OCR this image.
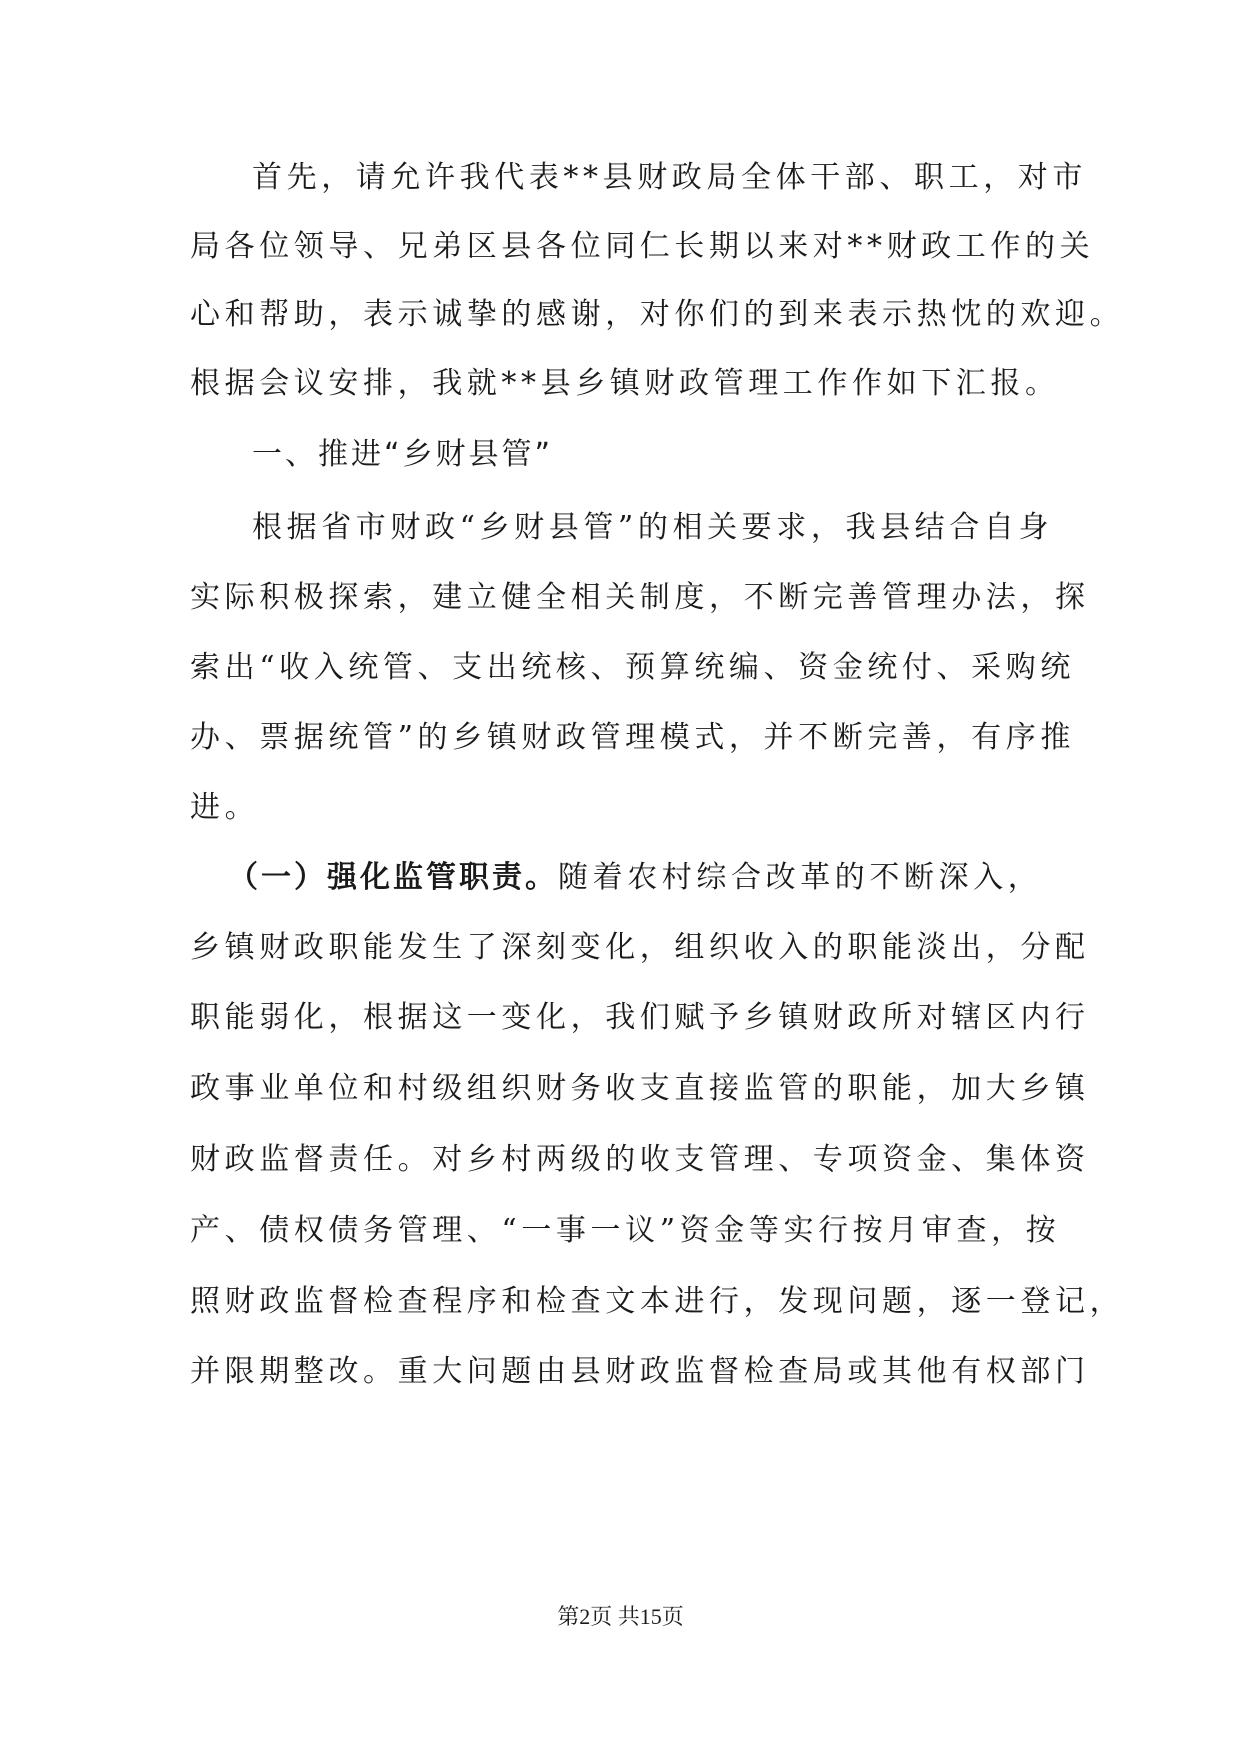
首先，请允许我代表**县财政局全体干部、职工，对市
局各位领导、兄弟区县各位同仁长期以来对**财政工作的关
心和帮助，表示诚挚的感谢，对你们的到来表示热忱的欢迎。
根据会议安排，我就**县乡镇财政管理工作作如下汇报。
一、推进“乡财县管”
根据省市财政“乡财县管”的相关要求，我县结合自身
实际积极探索，建立健全相关制度，不断完善管理办法，探
索出“收入统管、支出统核、预算统编、资金统付、采购统
办、票据统管”的乡镇财政管理模式，并不断完善，有序推
进。
（一）强化监管职责。随着农村综合改革的不断深入，
乡镇财政职能发生了深刻变化，组织收入的职能淡出，分配
职能弱化，根据这一变化，我们赋予乡镇财政所对辖区内行
政事业单位和村级组织财务收支直接监管的职能，加大乡镇
财政监督责任。对乡村两级的收支管理、专项资金、集体资
产、债权债务管理、“一事一议”资金等实行按月审查，按
照财政监督检查程序和检查文本进行，发现问题，逐一登记，
并限期整改。重大问题由县财政监督检查局或其他有权部门
第2页 共15页
